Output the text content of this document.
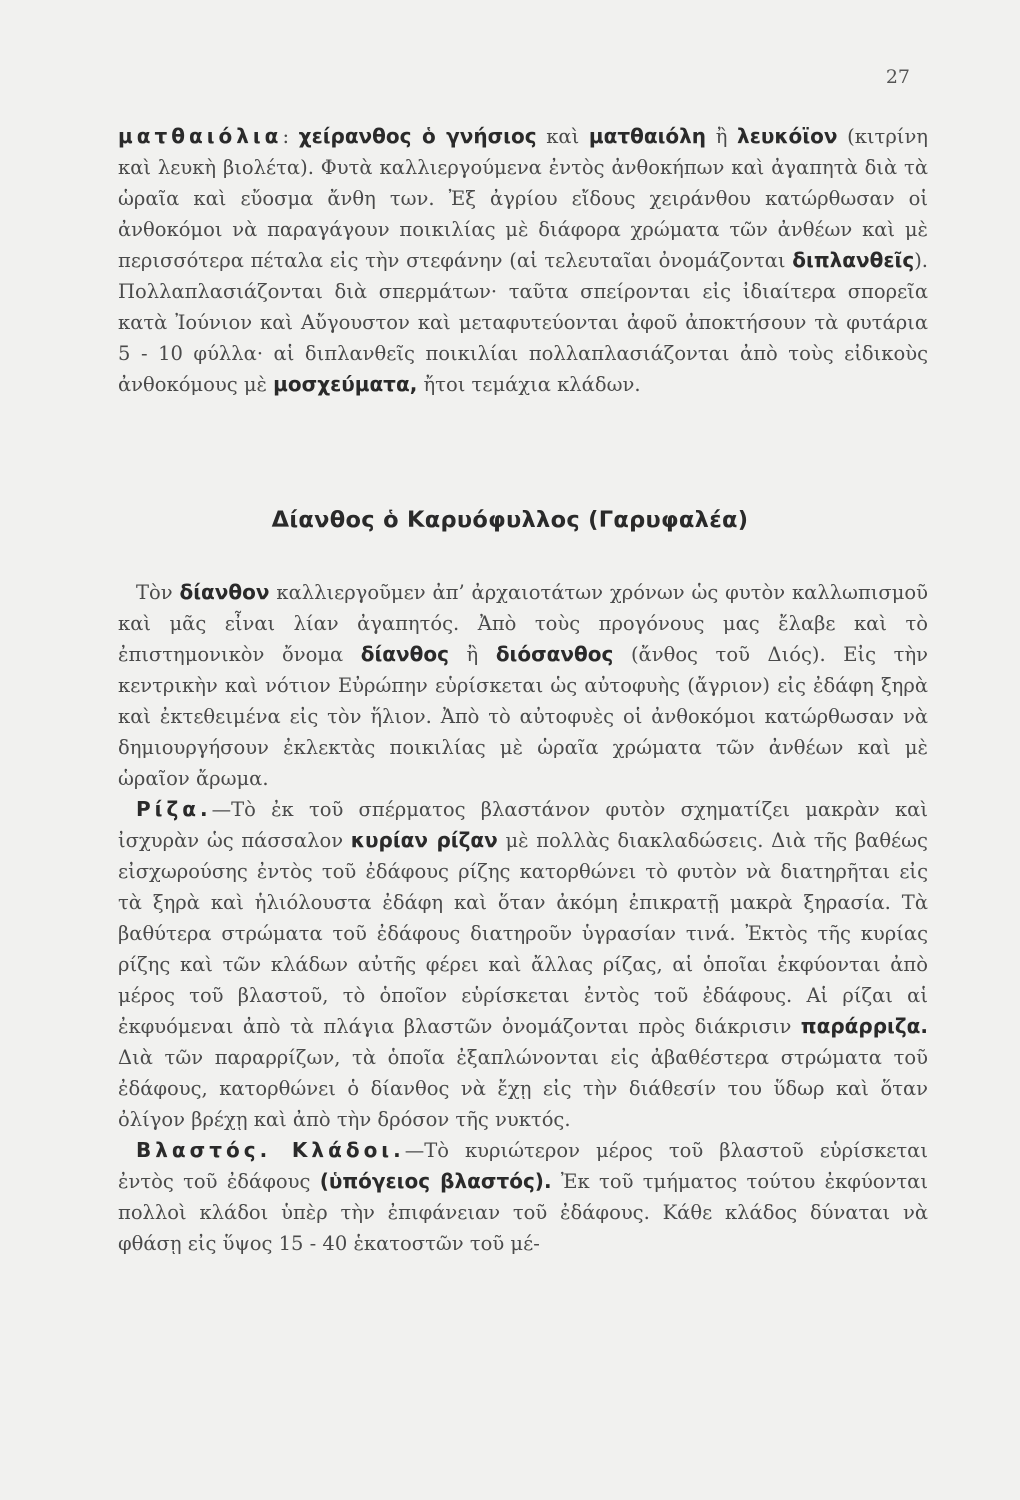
27

ματθαιόλια: χείρανθος ὁ γνήσιος καὶ ματθαιόλη ἢ λευκόϊον (κιτρίνη καὶ λευκὴ βιολέτα). Φυτὰ καλλιεργούμενα ἐντὸς ἀνθοκήπων καὶ ἀγαπητὰ διὰ τὰ ὡραῖα καὶ εὔοσμα ἄνθη των. Ἐξ ἀγρίου εἴδους χειράνθου κατώρθωσαν οἱ ἀνθοκόμοι νὰ παραγάγουν ποικιλίας μὲ διάφορα χρώματα τῶν ἀνθέων καὶ μὲ περισσότερα πέταλα εἰς τὴν στεφάνην (αἱ τελευταῖαι ὀνομάζονται διπλανθεῖς). Πολλαπλασιάζονται διὰ σπερμάτων· ταῦτα σπείρονται εἰς ἰδιαίτερα σπορεῖα κατὰ Ἰούνιον καὶ Αὔγουστον καὶ μεταφυτεύονται ἀφοῦ ἀποκτήσουν τὰ φυτάρια 5 - 10 φύλλα· αἱ διπλανθεῖς ποικιλίαι πολλαπλασιάζονται ἀπὸ τοὺς εἰδικοὺς ἀνθοκόμους μὲ μοσχεύματα, ἤτοι τεμάχια κλάδων.

Δίανθος ὁ Καρυόφυλλος (Γαρυφαλέα)

Τὸν δίανθον καλλιεργοῦμεν ἀπ’ ἀρχαιοτάτων χρόνων ὡς φυτὸν καλλωπισμοῦ καὶ μᾶς εἶναι λίαν ἀγαπητός. Ἀπὸ τοὺς προγόνους μας ἔλαβε καὶ τὸ ἐπιστημονικὸν ὄνομα δίανθος ἢ διόσανθος (ἄνθος τοῦ Διός). Εἰς τὴν κεντρικὴν καὶ νότιον Εὐρώπην εὑρίσκεται ὡς αὐτοφυὴς (ἄγριον) εἰς ἐδάφη ξηρὰ καὶ ἐκτεθειμένα εἰς τὸν ἥλιον. Ἀπὸ τὸ αὐτοφυὲς οἱ ἀνθοκόμοι κατώρθωσαν νὰ δημιουργήσουν ἐκλεκτὰς ποικιλίας μὲ ὡραῖα χρώματα τῶν ἀνθέων καὶ μὲ ὡραῖον ἄρωμα.

Ρίζα.—Τὸ ἐκ τοῦ σπέρματος βλαστάνον φυτὸν σχηματίζει μακρὰν καὶ ἰσχυρὰν ὡς πάσσαλον κυρίαν ρίζαν μὲ πολλὰς διακλαδώσεις. Διὰ τῆς βαθέως εἰσχωρούσης ἐντὸς τοῦ ἐδάφους ρίζης κατορθώνει τὸ φυτὸν νὰ διατηρῆται εἰς τὰ ξηρὰ καὶ ἡλιόλουστα ἐδάφη καὶ ὅταν ἀκόμη ἐπικρατῇ μακρὰ ξηρασία. Τὰ βαθύτερα στρώματα τοῦ ἐδάφους διατηροῦν ὑγρασίαν τινά. Ἐκτὸς τῆς κυρίας ρίζης καὶ τῶν κλάδων αὐτῆς φέρει καὶ ἄλλας ρίζας, αἱ ὁποῖαι ἐκφύονται ἀπὸ μέρος τοῦ βλαστοῦ, τὸ ὁποῖον εὑρίσκεται ἐντὸς τοῦ ἐδάφους. Αἱ ρίζαι αἱ ἐκφυόμεναι ἀπὸ τὰ πλάγια βλαστῶν ὀνομάζονται πρὸς διάκρισιν παράρριζα. Διὰ τῶν παραρρίζων, τὰ ὁποῖα ἐξαπλώνονται εἰς ἀβαθέστερα στρώματα τοῦ ἐδάφους, κατορθώνει ὁ δίανθος νὰ ἔχῃ εἰς τὴν διάθεσίν του ὕδωρ καὶ ὅταν ὀλίγον βρέχῃ καὶ ἀπὸ τὴν δρόσον τῆς νυκτός.

Βλαστός. Κλάδοι.—Τὸ κυριώτερον μέρος τοῦ βλαστοῦ εὑρίσκεται ἐντὸς τοῦ ἐδάφους (ὑπόγειος βλαστός). Ἐκ τοῦ τμήματος τούτου ἐκφύονται πολλοὶ κλάδοι ὑπὲρ τὴν ἐπιφάνειαν τοῦ ἐδάφους. Κάθε κλάδος δύναται νὰ φθάσῃ εἰς ὕψος 15 - 40 ἑκατοστῶν τοῦ μέ-
